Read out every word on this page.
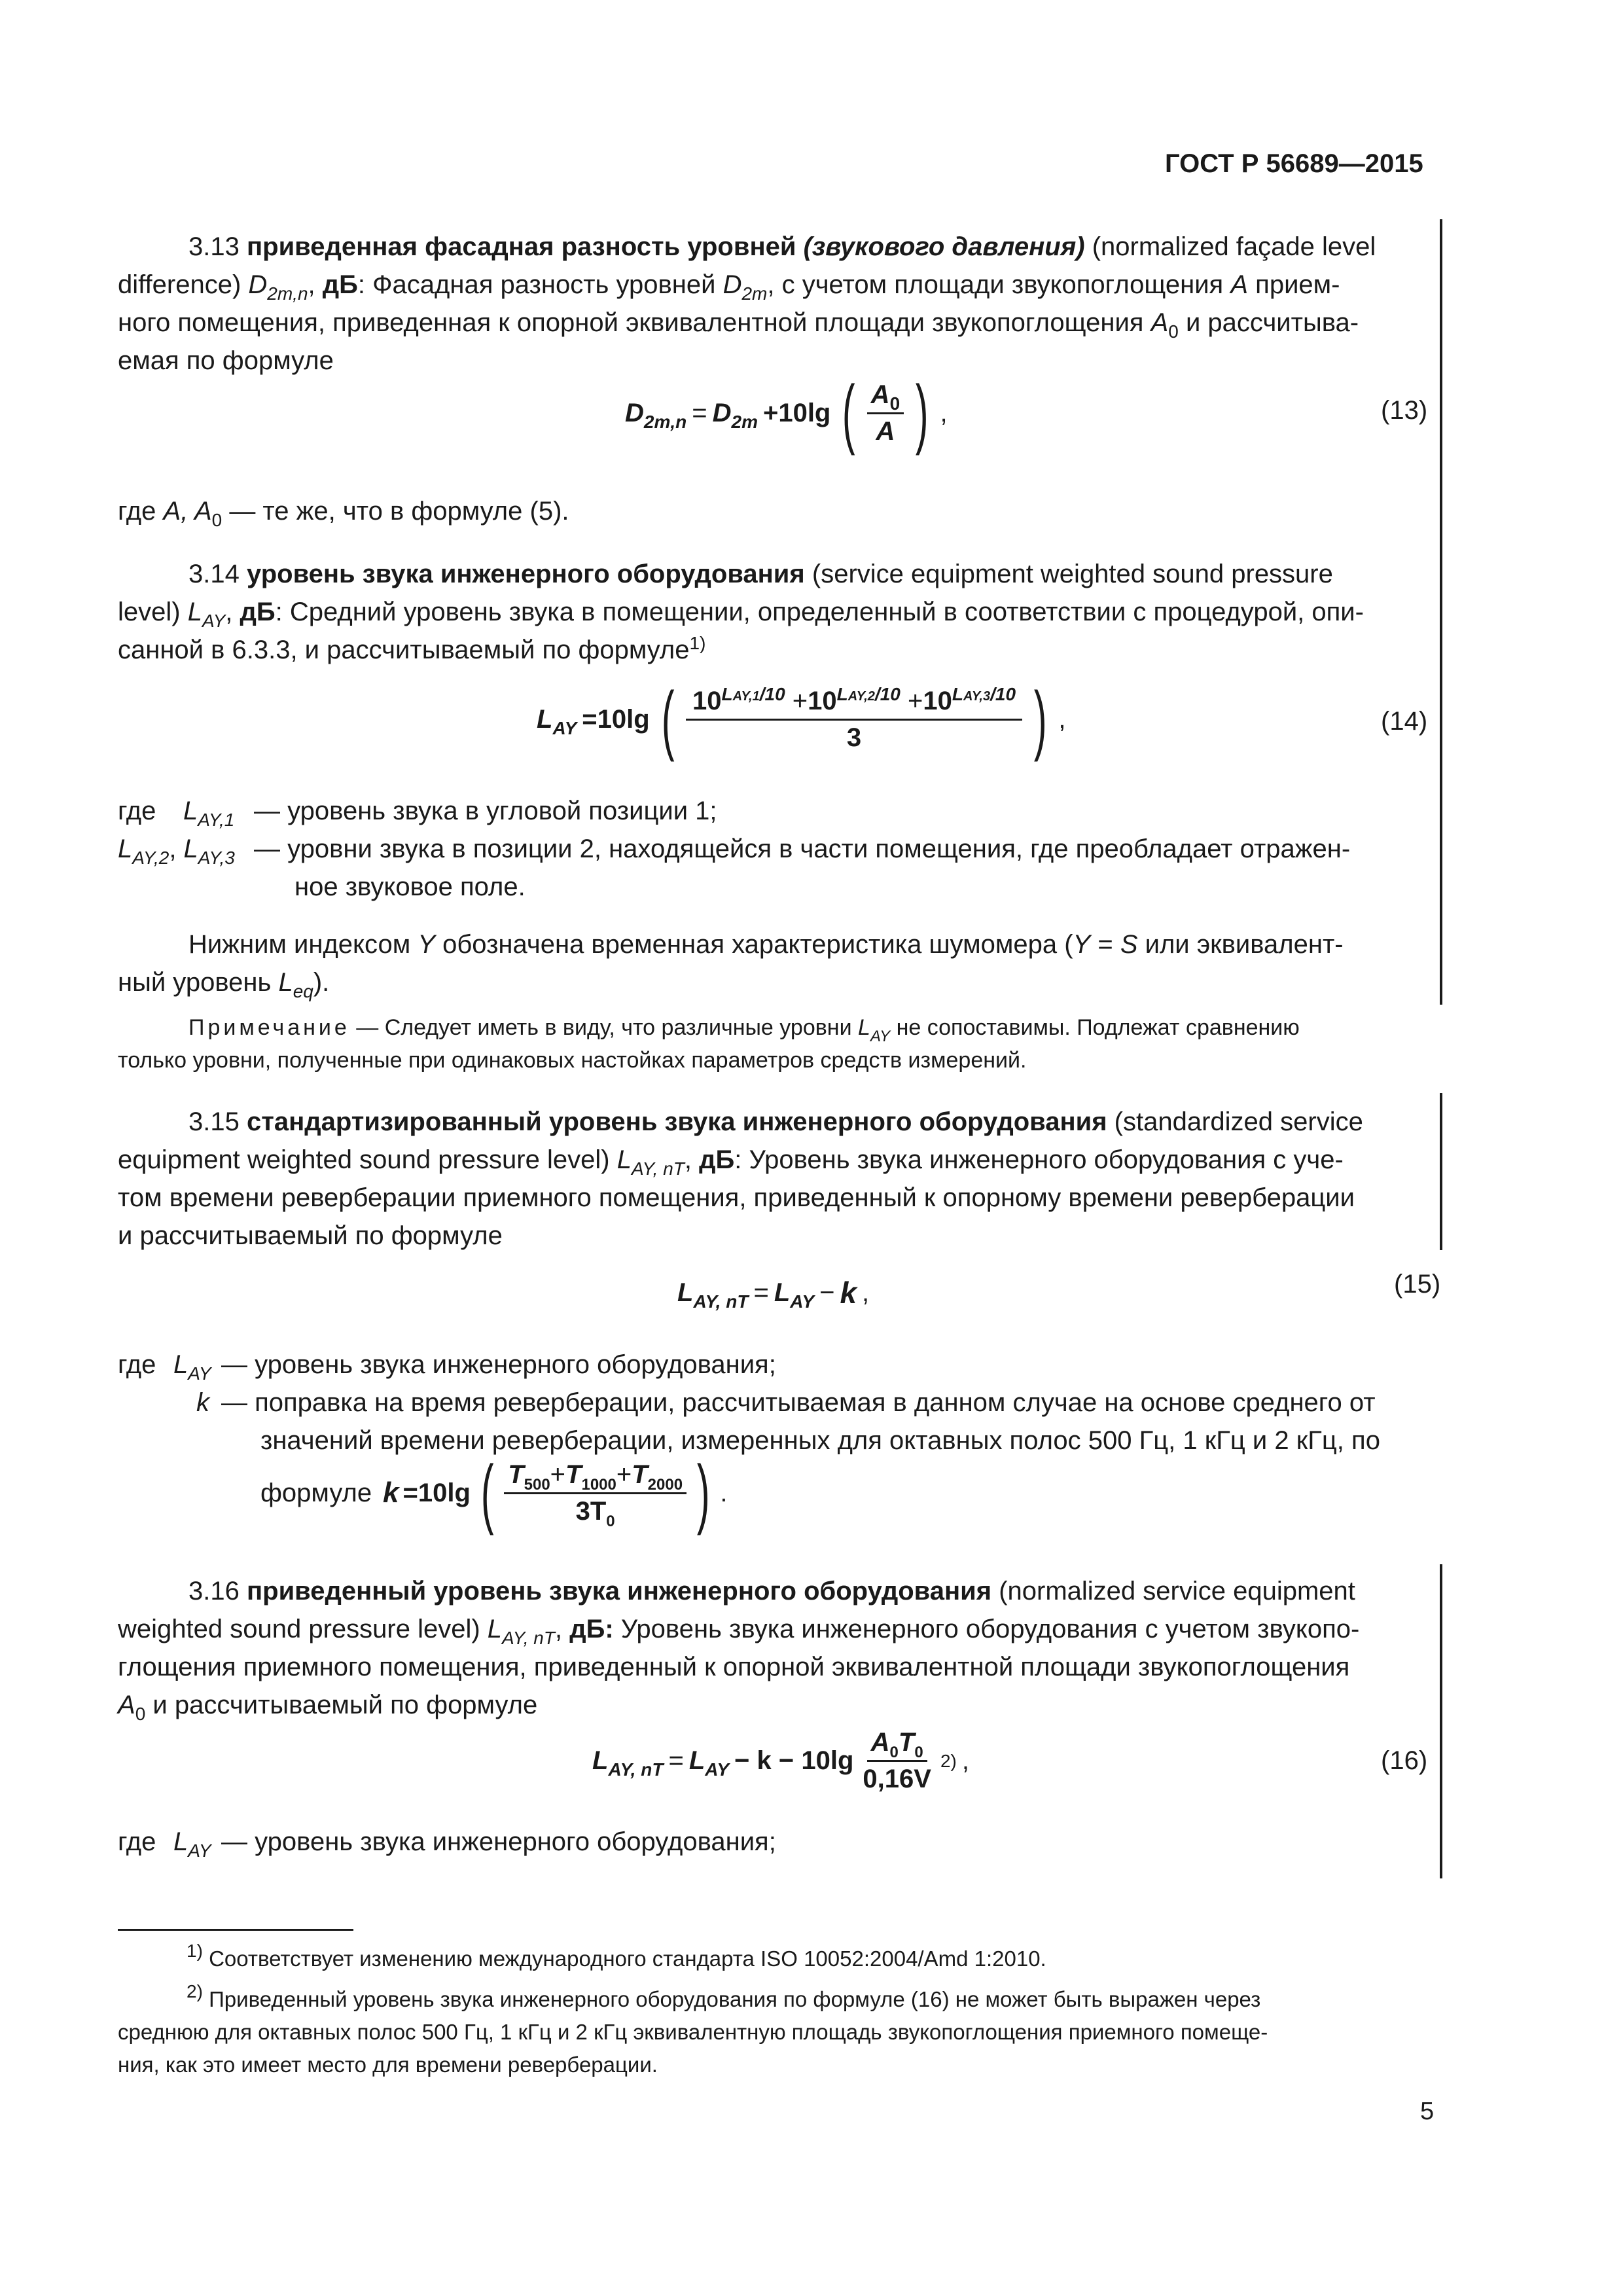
ГОСТ Р 56689—2015
3.13 приведенная фасадная разность уровней (звукового давления) (normalized façade level
difference) $D_{2m,n}$, дБ: Фасадная разность уровней $D_{2m}$, с учетом площади звукопоглощения A прием-
ного помещения, приведенная к опорной эквивалентной площади звукопоглощения $A_0$ и рассчитыва-
емая по формуле
$D_{2m,n} = D_{2m} +10\lg$ ( $\frac{A_0}{A}$ ) ,	(13)
где A, $A_0$ — те же, что в формуле (5).
3.14 уровень звука инженерного оборудования (service equipment weighted sound pressure
level) $L_{AY}$, дБ: Средний уровень звука в помещении, определенный в соответствии с процедурой, опи-
санной в 6.3.3, и рассчитываемый по формуле$^{1)}$
$L_{AY} =10\lg$ ( $\frac{10^{LAY,1/10} +10^{LAY,2/10} +10^{LAY,3/10}}{3}$ ) ,	(14)
где $L_{AY,1}$ — уровень звука в угловой позиции 1;
$L_{AY,2}$, $L_{AY,3}$ — уровни звука в позиции 2, находящейся в части помещения, где преобладает отражен-
ное звуковое поле.
Нижним индексом Y обозначена временная характеристика шумомера (Y = S или эквивалент-
ный уровень $L_{eq}$).
Примечание — Следует иметь в виду, что различные уровни $L_{AY}$ не сопоставимы. Подлежат сравнению
только уровни, полученные при одинаковых настойках параметров средств измерений.
3.15 стандартизированный уровень звука инженерного оборудования (standardized service
equipment weighted sound pressure level) $L_{AY, nT}$, дБ: Уровень звука инженерного оборудования с уче-
том времени реверберации приемного помещения, приведенный к опорному времени реверберации
и рассчитываемый по формуле
$L_{AY, nT} = L_{AY} - k$ ,	(15)
где $L_{AY}$ — уровень звука инженерного оборудования;
k — поправка на время реверберации, рассчитываемая в данном случае на основе среднего от
значений времени реверберации, измеренных для октавных полос 500 Гц, 1 кГц и 2 кГц, по
формуле k =10lg ( $\frac{T_{500}+T_{1000}+T_{2000}}{3T_0}$ ) .
3.16 приведенный уровень звука инженерного оборудования (normalized service equipment
weighted sound pressure level) $L_{AY, nT}$, дБ: Уровень звука инженерного оборудования с учетом звукопо-
глощения приемного помещения, приведенный к опорной эквивалентной площади звукопоглощения
$A_0$ и рассчитываемый по формуле
$L_{AY, nT} = L_{AY} - k - 10\lg \frac{A_0T_0}{0,16V} 2$) ,	(16)
где $L_{AY}$ — уровень звука инженерного оборудования;
$^{1)}$ Соответствует изменению международного стандарта ISO 10052:2004/Amd 1:2010.
$^{2)}$ Приведенный уровень звука инженерного оборудования по формуле (16) не может быть выражен через
среднюю для октавных полос 500 Гц, 1 кГц и 2 кГц эквивалентную площадь звукопоглощения приемного помеще-
ния, как это имеет место для времени реверберации.
5
